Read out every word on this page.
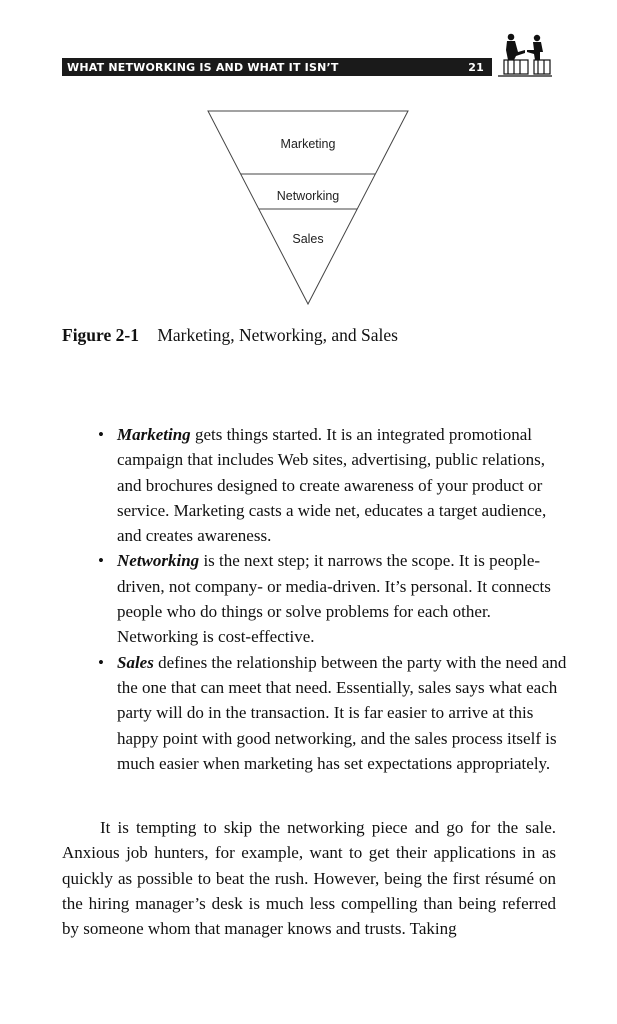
WHAT NETWORKING IS AND WHAT IT ISN’T	21
Marketing
Networking
Sales
Figure 2-1 Marketing, Networking, and Sales
• Marketing gets things started. It is an integrated promotional campaign that includes Web sites, advertising, public relations, and brochures designed to create awareness of your product or service. Marketing casts a wide net, educates a target audience, and creates awareness.
• Networking is the next step; it narrows the scope. It is people-driven, not company- or media-driven. It’s personal. It connects people who do things or solve problems for each other. Networking is cost-effective.
• Sales defines the relationship between the party with the need and the one that can meet that need. Essentially, sales says what each party will do in the transaction. It is far easier to arrive at this happy point with good networking, and the sales process itself is much easier when marketing has set expectations appropriately.

It is tempting to skip the networking piece and go for the sale. Anxious job hunters, for example, want to get their applications in as quickly as possible to beat the rush. However, being the first résumé on the hiring manager’s desk is much less compelling than being referred by someone whom that manager knows and trusts. Taking
